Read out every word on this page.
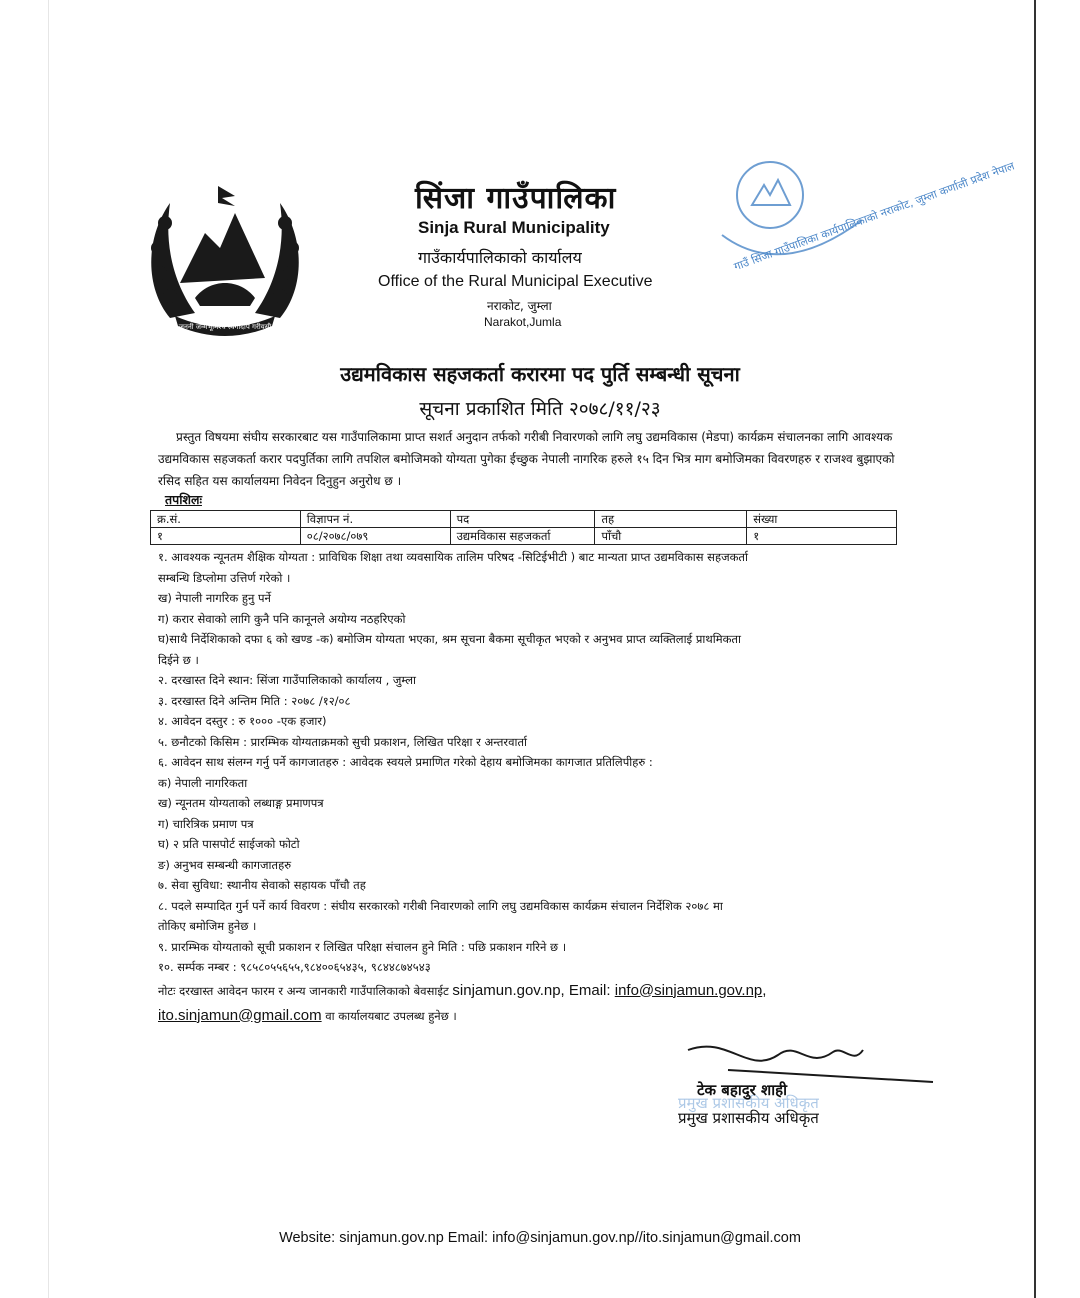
जननी जन्मभूमिश्च स्वर्गादपि गरीयसी
सिंजा गाउँपालिका
Sinja Rural Municipality
गाउँकार्यपालिकाको कार्यालय
Office of the Rural Municipal Executive
नराकोट, जुम्ला
Narakot,Jumla
गाउँ सिंजा गाउँपालिका कार्यपालिकाको नराकोट, जुम्ला कर्णाली प्रदेश नेपाल
उद्यमविकास सहजकर्ता करारमा पद पुर्ति सम्बन्धी सूचना
सूचना प्रकाशित मिति २०७८/११/२३
प्रस्तुत विषयमा संघीय सरकारबाट यस गाउँपालिकामा प्राप्त सशर्त अनुदान तर्फको गरीबी निवारणको लागि लघु उद्यमविकास (मेडपा) कार्यक्रम संचालनका लागि आवश्यक उद्यमविकास सहजकर्ता करार पदपुर्तिका लागि तपशिल बमोजिमको योग्यता पुगेका ईच्छुक नेपाली नागरिक हरुले १५ दिन भित्र माग बमोजिमका विवरणहरु र राजश्व बुझाएको रसिद सहित यस कार्यालयमा निवेदन दिनुहुन अनुरोध छ ।
तपशिलः
क्र.सं.	विज्ञापन नं.	पद	तह	संख्या
१	०८/२०७८/०७९	उद्यमविकास सहजकर्ता	पाँचौ	१
१. आवश्यक न्यूनतम शैक्षिक योग्यता : प्राविधिक शिक्षा तथा व्यवसायिक तालिम परिषद -सिटिईभीटी ) बाट मान्यता प्राप्त उद्यमविकास सहजकर्ता
सम्बन्धि डिप्लोमा उत्तिर्ण गरेको ।
ख) नेपाली नागरिक हुनु पर्ने
ग) करार सेवाको लागि कुनै पनि कानूनले अयोग्य नठहरिएको
घ)साथै निर्देशिकाको दफा ६ को खण्ड -क) बमोजिम योग्यता भएका, श्रम सूचना बैकमा सूचीकृत भएको र अनुभव प्राप्त व्यक्तिलाई प्राथमिकता
दिईने छ ।
२. दरखास्त दिने स्थान: सिंजा गाउँपालिकाको कार्यालय , जुम्ला
३. दरखास्त दिने अन्तिम मिति : २०७८ /१२/०८
४. आवेदन दस्तुर : रु १००० -एक हजार)
५. छनौटको किसिम : प्रारम्भिक योग्यताक्रमको सुची प्रकाशन, लिखित परिक्षा र अन्तरवार्ता
६. आवेदन साथ संलग्न गर्नु पर्ने कागजातहरु : आवेदक स्वयले प्रमाणित गरेको देहाय बमोजिमका कागजात प्रतिलिपीहरु :
क) नेपाली नागरिकता
ख) न्यूनतम योग्यताको लब्धाङ्ग प्रमाणपत्र
ग) चारित्रिक प्रमाण पत्र
घ) २ प्रति पासपोर्ट साईजको फोटो
ङ) अनुभव सम्बन्धी कागजातहरु
७. सेवा सुविधा: स्थानीय सेवाको सहायक पाँचौ तह
८. पदले सम्पादित गुर्न पर्ने कार्य विवरण : संघीय सरकारको गरीबी निवारणको लागि लघु उद्यमविकास कार्यक्रम संचालन निर्देशिक २०७८ मा
तोकिए बमोजिम हुनेछ ।
९. प्रारम्भिक योग्यताको सूची प्रकाशन र लिखित परिक्षा संचालन हुने मिति : पछि प्रकाशन गरिने छ ।
१०. सर्म्पक नम्बर : ९८५८०५५६५५,९८४००६५४३५, ९८४४८७४५४३
नोटः दरखास्त आवेदन फारम र अन्य जानकारी गाउँपालिकाको बेवसाईट sinjamun.gov.np, Email: info@sinjamun.gov.np,
ito.sinjamun@gmail.com वा कार्यालयबाट उपलब्ध हुनेछ ।
प्रमुख प्रशासकीय अधिकृत
टेक बहादुर शाही
प्रमुख प्रशासकीय अधिकृत
Website: sinjamun.gov.np Email: info@sinjamun.gov.np//ito.sinjamun@gmail.com
